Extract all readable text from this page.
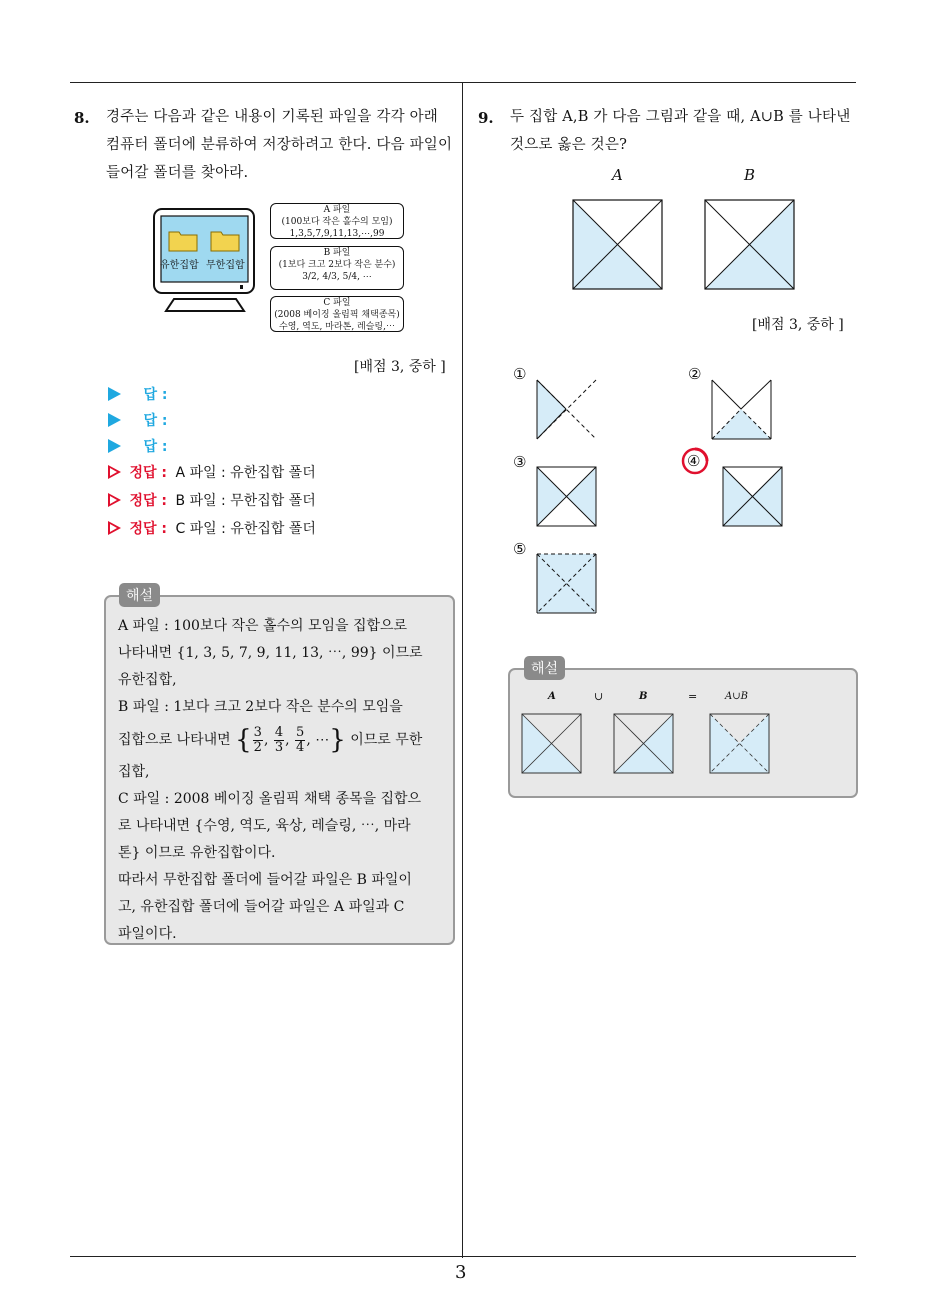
3
8. 경주는 다음과 같은 내용이 기록된 파일을 각각 아래
컴퓨터 폴더에 분류하여 저장하려고 한다. 다음 파일이
들어갈 폴더를 찾아라.
유한집합 무한집합
A 파일
(100보다 작은 홀수의 모임)
1,3,5,7,9,11,13,⋯,99
B 파일
(1보다 크고 2보다 작은 분수)
3/2, 4/3, 5/4, ⋯
C 파일
(2008 베이징 올림픽 채택종목)
수영, 역도, 마라톤, 레슬링,⋯
[배점 3, 중하 ]
답 :
답 :
답 :
정답 : A 파일 : 유한집합 폴더
정답 : B 파일 : 무한집합 폴더
정답 : C 파일 : 유한집합 폴더
A 파일 : 100보다 작은 홀수의 모임을 집합으로
나타내면 {1, 3, 5, 7, 9, 11, 13, ⋯, 99} 이므로
유한집합,
B 파일 : 1보다 크고 2보다 작은 분수의 모임을
집합으로 나타내면 { $\frac{3}{2}$ , $\frac{4}{3}$ , $\frac{5}{4}$ , ⋯} 이므로 무한
집합,
C 파일 : 2008 베이징 올림픽 채택 종목을 집합으
로 나타내면 {수영, 역도, 육상, 레슬링, ⋯, 마라
톤} 이므로 유한집합이다.
따라서 무한집합 폴더에 들어갈 파일은 B 파일이
고, 유한집합 폴더에 들어갈 파일은 A 파일과 C
파일이다.
해설
9. 두 집합 A,B 가 다음 그림과 같을 때, A∪B 를 나타낸
것으로 옳은 것은?
A	B
[배점 3, 중하 ]
①	②
③	④
⑤
해설
A	∪	B	=	A∪B
